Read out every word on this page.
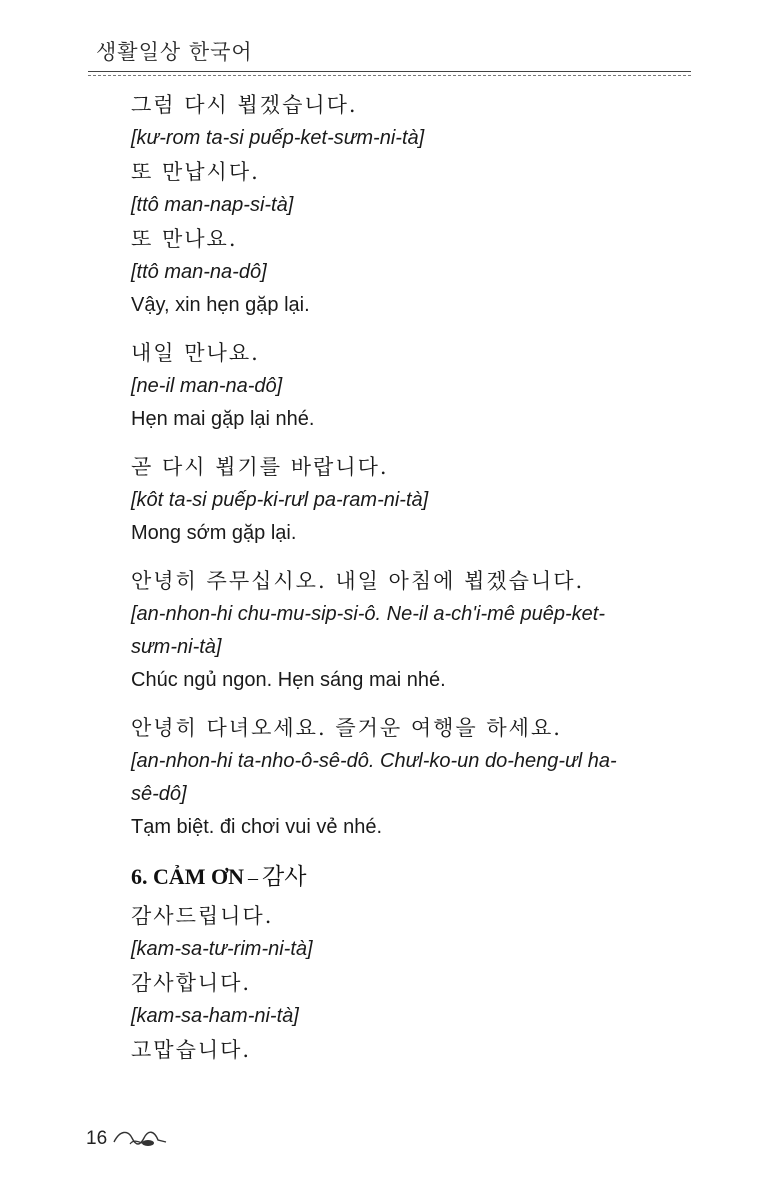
생활일상 한국어
그럼 다시 뵙겠습니다.
[kư-rom ta-si puếp-ket-sưm-ni-tà]
또 만납시다.
[ttô man-nap-si-tà]
또 만나요.
[ttô man-na-dô]
Vậy, xin hẹn gặp lại.
내일 만나요.
[ne-il man-na-dô]
Hẹn mai gặp lại nhé.
곧 다시 뵙기를 바랍니다.
[kôt ta-si puếp-ki-rưl pa-ram-ni-tà]
Mong sớm gặp lại.
안녕히 주무십시오. 내일 아침에 뵙겠습니다.
[an-nhon-hi chu-mu-sip-si-ô. Ne-il a-ch'i-mê puêp-ket-
sưm-ni-tà]
Chúc ngủ ngon. Hẹn sáng mai nhé.
안녕히 다녀오세요. 즐거운 여행을 하세요.
[an-nhon-hi ta-nho-ô-sê-dô. Chưl-ko-un do-heng-ưl ha-
sê-dô]
Tạm biệt. đi chơi vui vẻ nhé.
6. CẢM ƠN – 감사
감사드립니다.
[kam-sa-tư-rim-ni-tà]
감사합니다.
[kam-sa-ham-ni-tà]
고맙습니다.
16
